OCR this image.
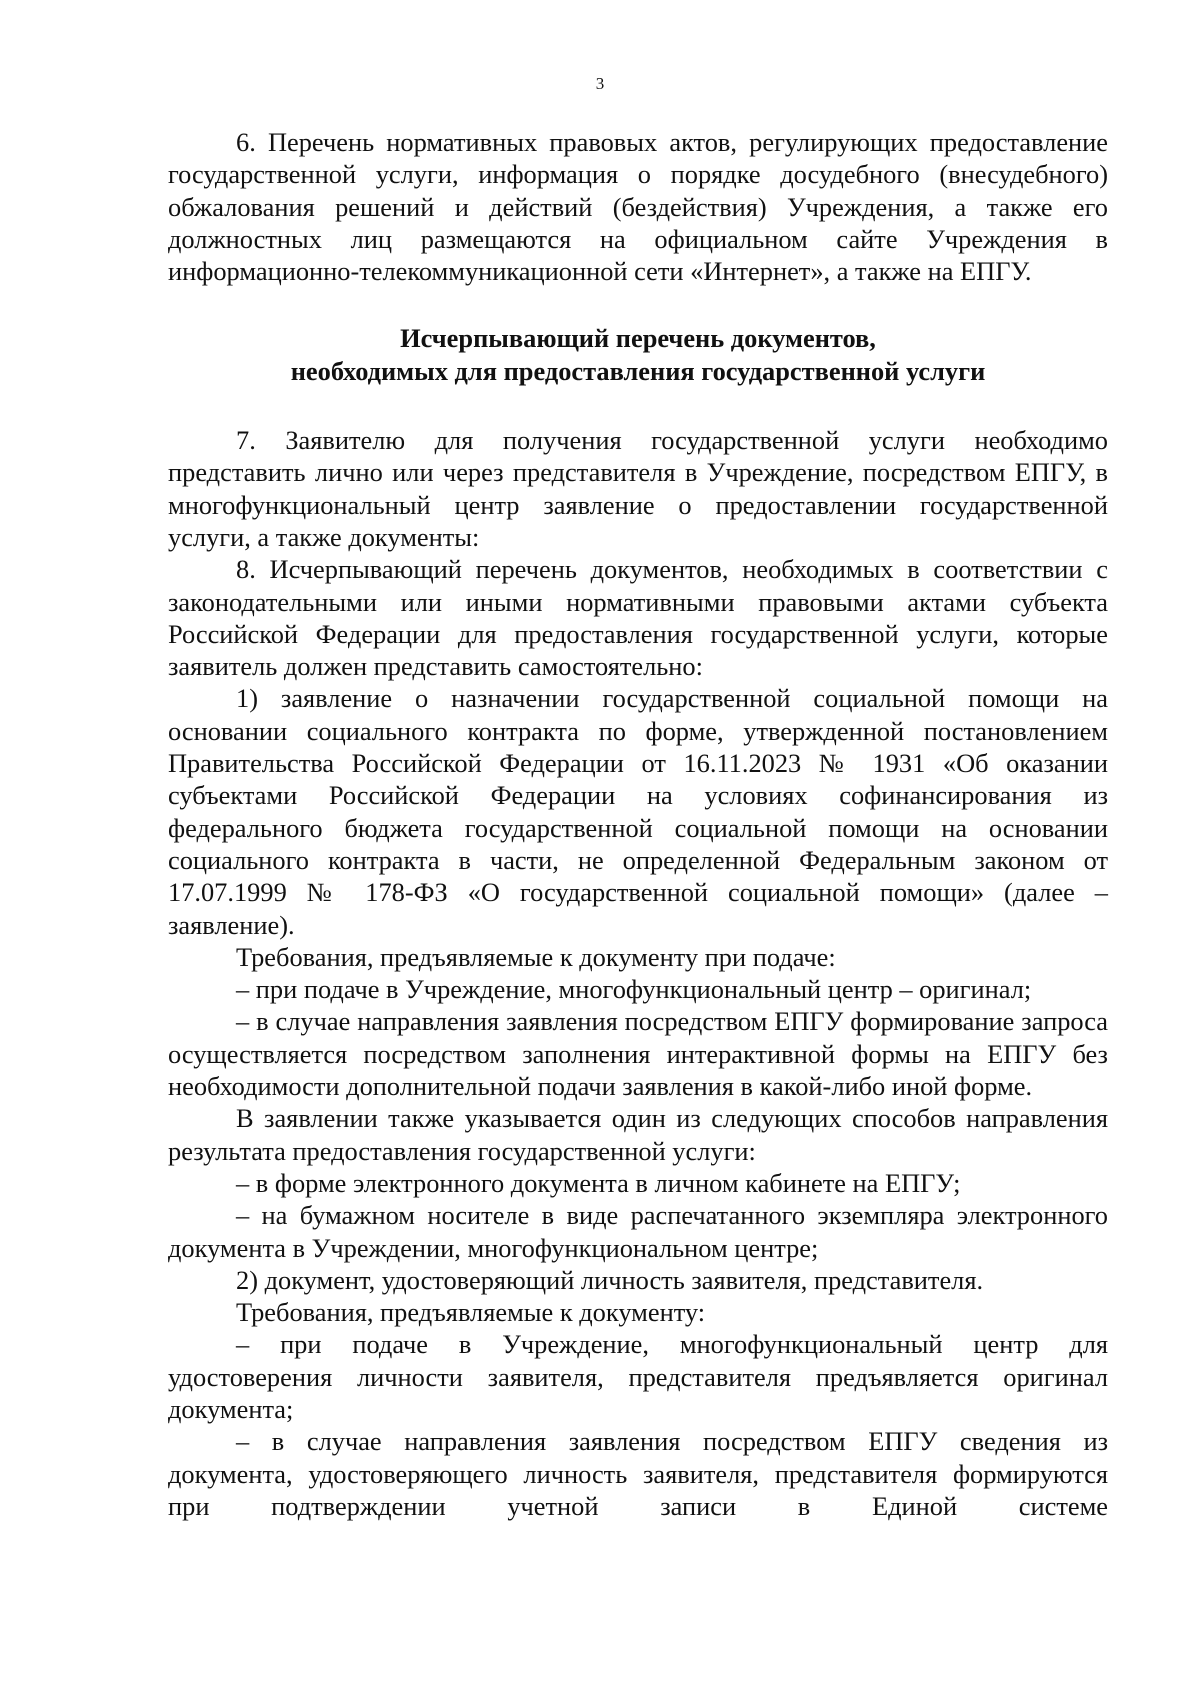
3

6. Перечень нормативных правовых актов, регулирующих предоставление государственной услуги, информация о порядке досудебного (внесудебного) обжалования решений и действий (бездействия) Учреждения, а также его должностных лиц размещаются на официальном сайте Учреждения в информационно-телекоммуникационной сети «Интернет», а также на ЕПГУ.

Исчерпывающий перечень документов,
необходимых для предоставления государственной услуги

7. Заявителю для получения государственной услуги необходимо представить лично или через представителя в Учреждение, посредством ЕПГУ, в многофункциональный центр заявление о предоставлении государственной услуги, а также документы:

8. Исчерпывающий перечень документов, необходимых в соответствии с законодательными или иными нормативными правовыми актами субъекта Российской Федерации для предоставления государственной услуги, которые заявитель должен представить самостоятельно:

1) заявление о назначении государственной социальной помощи на основании социального контракта по форме, утвержденной постановлением Правительства Российской Федерации от 16.11.2023 № 1931 «Об оказании субъектами Российской Федерации на условиях софинансирования из федерального бюджета государственной социальной помощи на основании социального контракта в части, не определенной Федеральным законом от 17.07.1999 № 178-ФЗ «О государственной социальной помощи» (далее – заявление).

Требования, предъявляемые к документу при подаче:

– при подаче в Учреждение, многофункциональный центр – оригинал;

– в случае направления заявления посредством ЕПГУ формирование запроса осуществляется посредством заполнения интерактивной формы на ЕПГУ без необходимости дополнительной подачи заявления в какой-либо иной форме.

В заявлении также указывается один из следующих способов направления результата предоставления государственной услуги:

– в форме электронного документа в личном кабинете на ЕПГУ;

– на бумажном носителе в виде распечатанного экземпляра электронного документа в Учреждении, многофункциональном центре;

2) документ, удостоверяющий личность заявителя, представителя.

Требования, предъявляемые к документу:

– при подаче в Учреждение, многофункциональный центр для удостоверения личности заявителя, представителя предъявляется оригинал документа;

– в случае направления заявления посредством ЕПГУ сведения из документа, удостоверяющего личность заявителя, представителя формируются при подтверждении учетной записи в Единой системе
